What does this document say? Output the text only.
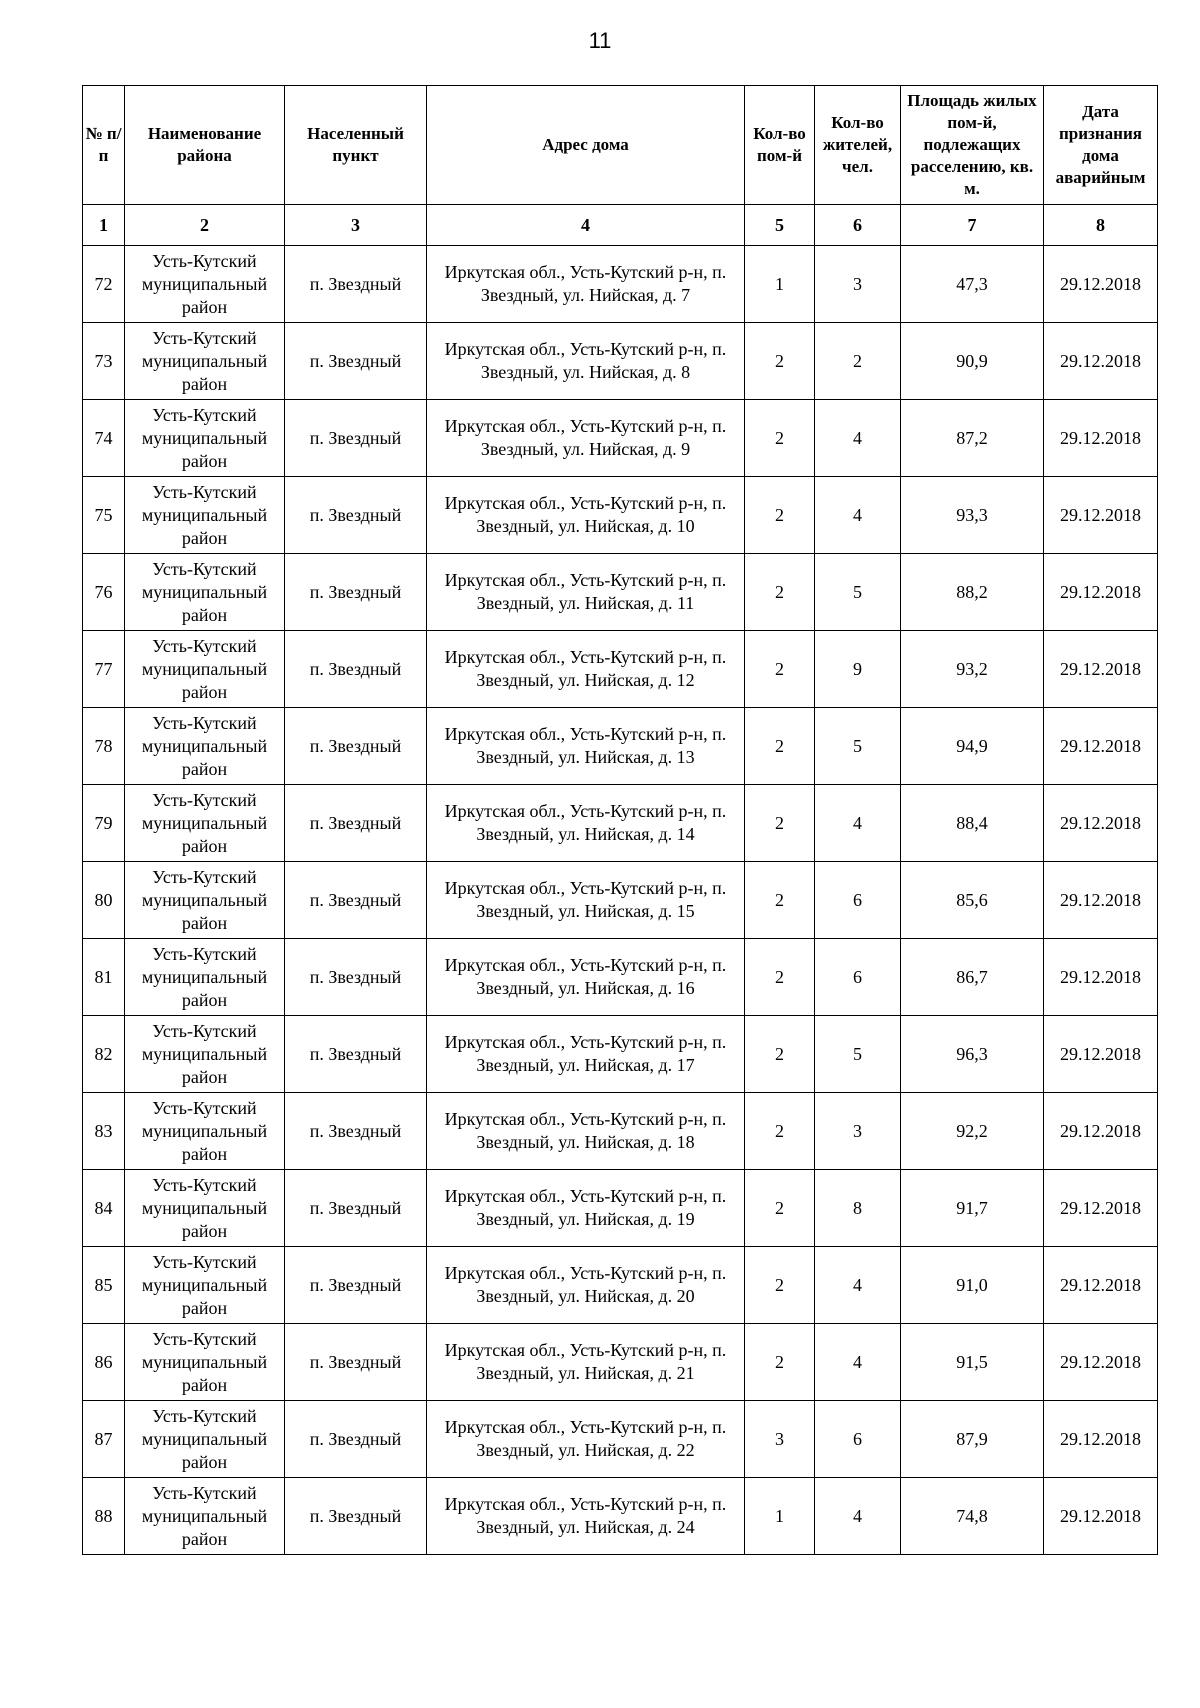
11
№ п/п	Наименование района	Населенный пункт	Адрес дома	Кол-во пом-й	Кол-во жителей, чел.	Площадь жилых пом-й, подлежащих расселению, кв. м.	Дата признания дома аварийным
1	2	3	4	5	6	7	8
72	Усть-Кутский муниципальный район	п. Звездный	Иркутская обл., Усть-Кутский р-н, п. Звездный, ул. Нийская, д. 7	1	3	47,3	29.12.2018
73	Усть-Кутский муниципальный район	п. Звездный	Иркутская обл., Усть-Кутский р-н, п. Звездный, ул. Нийская, д. 8	2	2	90,9	29.12.2018
74	Усть-Кутский муниципальный район	п. Звездный	Иркутская обл., Усть-Кутский р-н, п. Звездный, ул. Нийская, д. 9	2	4	87,2	29.12.2018
75	Усть-Кутский муниципальный район	п. Звездный	Иркутская обл., Усть-Кутский р-н, п. Звездный, ул. Нийская, д. 10	2	4	93,3	29.12.2018
76	Усть-Кутский муниципальный район	п. Звездный	Иркутская обл., Усть-Кутский р-н, п. Звездный, ул. Нийская, д. 11	2	5	88,2	29.12.2018
77	Усть-Кутский муниципальный район	п. Звездный	Иркутская обл., Усть-Кутский р-н, п. Звездный, ул. Нийская, д. 12	2	9	93,2	29.12.2018
78	Усть-Кутский муниципальный район	п. Звездный	Иркутская обл., Усть-Кутский р-н, п. Звездный, ул. Нийская, д. 13	2	5	94,9	29.12.2018
79	Усть-Кутский муниципальный район	п. Звездный	Иркутская обл., Усть-Кутский р-н, п. Звездный, ул. Нийская, д. 14	2	4	88,4	29.12.2018
80	Усть-Кутский муниципальный район	п. Звездный	Иркутская обл., Усть-Кутский р-н, п. Звездный, ул. Нийская, д. 15	2	6	85,6	29.12.2018
81	Усть-Кутский муниципальный район	п. Звездный	Иркутская обл., Усть-Кутский р-н, п. Звездный, ул. Нийская, д. 16	2	6	86,7	29.12.2018
82	Усть-Кутский муниципальный район	п. Звездный	Иркутская обл., Усть-Кутский р-н, п. Звездный, ул. Нийская, д. 17	2	5	96,3	29.12.2018
83	Усть-Кутский муниципальный район	п. Звездный	Иркутская обл., Усть-Кутский р-н, п. Звездный, ул. Нийская, д. 18	2	3	92,2	29.12.2018
84	Усть-Кутский муниципальный район	п. Звездный	Иркутская обл., Усть-Кутский р-н, п. Звездный, ул. Нийская, д. 19	2	8	91,7	29.12.2018
85	Усть-Кутский муниципальный район	п. Звездный	Иркутская обл., Усть-Кутский р-н, п. Звездный, ул. Нийская, д. 20	2	4	91,0	29.12.2018
86	Усть-Кутский муниципальный район	п. Звездный	Иркутская обл., Усть-Кутский р-н, п. Звездный, ул. Нийская, д. 21	2	4	91,5	29.12.2018
87	Усть-Кутский муниципальный район	п. Звездный	Иркутская обл., Усть-Кутский р-н, п. Звездный, ул. Нийская, д. 22	3	6	87,9	29.12.2018
88	Усть-Кутский муниципальный район	п. Звездный	Иркутская обл., Усть-Кутский р-н, п. Звездный, ул. Нийская, д. 24	1	4	74,8	29.12.2018
